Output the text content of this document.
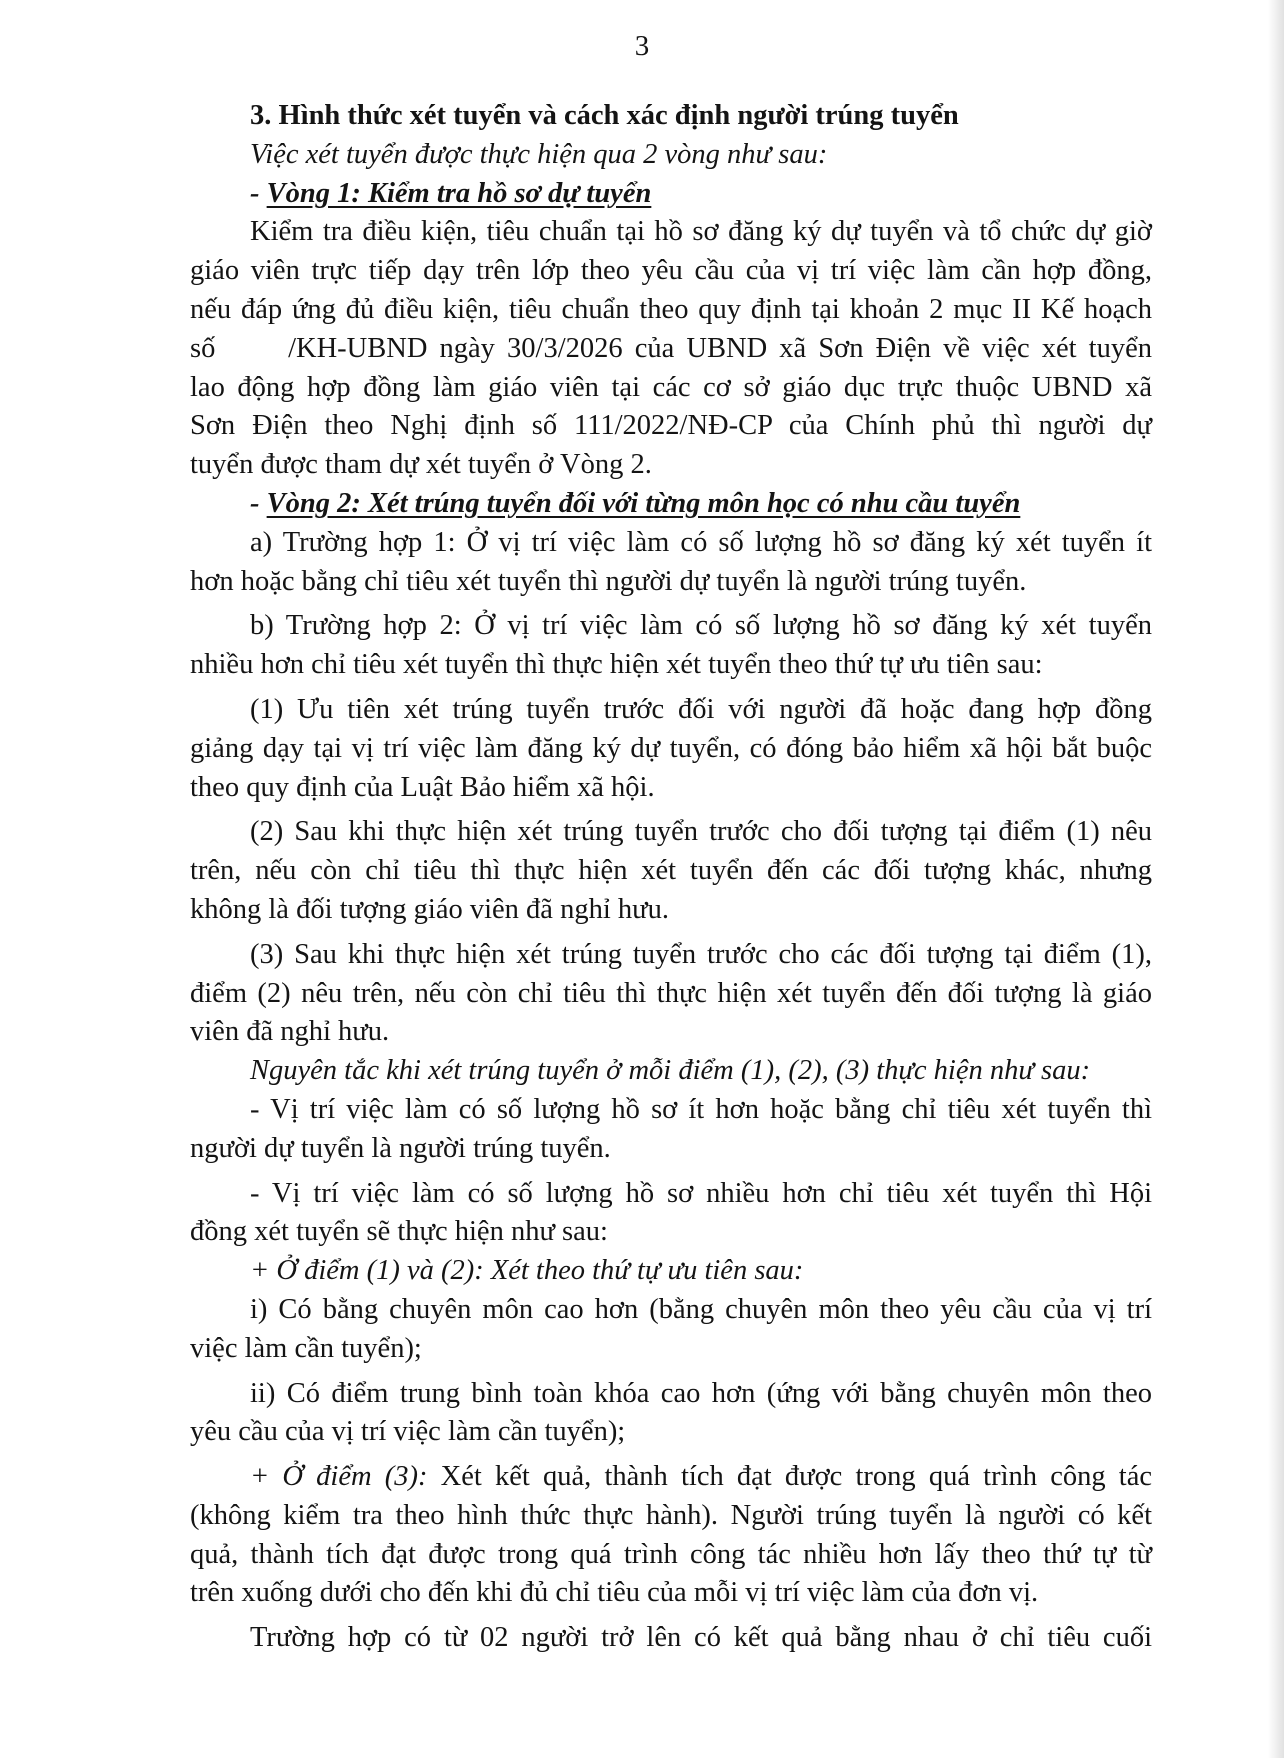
3
3. Hình thức xét tuyển và cách xác định người trúng tuyển
Việc xét tuyển được thực hiện qua 2 vòng như sau:
- Vòng 1: Kiểm tra hồ sơ dự tuyển
Kiểm tra điều kiện, tiêu chuẩn tại hồ sơ đăng ký dự tuyển và tổ chức dự giờ
giáo viên trực tiếp dạy trên lớp theo yêu cầu của vị trí việc làm cần hợp đồng,
nếu đáp ứng đủ điều kiện, tiêu chuẩn theo quy định tại khoản 2 mục II Kế hoạch
số      /KH-UBND ngày 30/3/2026 của UBND xã Sơn Điện về việc xét tuyển
lao động hợp đồng làm giáo viên tại các cơ sở giáo dục trực thuộc UBND xã
Sơn Điện theo Nghị định số 111/2022/NĐ-CP của Chính phủ thì người dự
tuyển được tham dự xét tuyển ở Vòng 2.
- Vòng 2: Xét trúng tuyển đối với từng môn học có nhu cầu tuyển
a) Trường hợp 1: Ở vị trí việc làm có số lượng hồ sơ đăng ký xét tuyển ít
hơn hoặc bằng chỉ tiêu xét tuyển thì người dự tuyển là người trúng tuyển.
b) Trường hợp 2: Ở vị trí việc làm có số lượng hồ sơ đăng ký xét tuyển
nhiều hơn chỉ tiêu xét tuyển thì thực hiện xét tuyển theo thứ tự ưu tiên sau:
(1) Ưu tiên xét trúng tuyển trước đối với người đã hoặc đang hợp đồng
giảng dạy tại vị trí việc làm đăng ký dự tuyển, có đóng bảo hiểm xã hội bắt buộc
theo quy định của Luật Bảo hiểm xã hội.
(2) Sau khi thực hiện xét trúng tuyển trước cho đối tượng tại điểm (1) nêu
trên, nếu còn chỉ tiêu thì thực hiện xét tuyển đến các đối tượng khác, nhưng
không là đối tượng giáo viên đã nghỉ hưu.
(3) Sau khi thực hiện xét trúng tuyển trước cho các đối tượng tại điểm (1),
điểm (2) nêu trên, nếu còn chỉ tiêu thì thực hiện xét tuyển đến đối tượng là giáo
viên đã nghỉ hưu.
Nguyên tắc khi xét trúng tuyển ở mỗi điểm (1), (2), (3) thực hiện như sau:
- Vị trí việc làm có số lượng hồ sơ ít hơn hoặc bằng chỉ tiêu xét tuyển thì
người dự tuyển là người trúng tuyển.
- Vị trí việc làm có số lượng hồ sơ nhiều hơn chỉ tiêu xét tuyển thì Hội
đồng xét tuyển sẽ thực hiện như sau:
+ Ở điểm (1) và (2): Xét theo thứ tự ưu tiên sau:
i) Có bằng chuyên môn cao hơn (bằng chuyên môn theo yêu cầu của vị trí
việc làm cần tuyển);
ii) Có điểm trung bình toàn khóa cao hơn (ứng với bằng chuyên môn theo
yêu cầu của vị trí việc làm cần tuyển);
+ Ở điểm (3): Xét kết quả, thành tích đạt được trong quá trình công tác
(không kiểm tra theo hình thức thực hành). Người trúng tuyển là người có kết
quả, thành tích đạt được trong quá trình công tác nhiều hơn lấy theo thứ tự từ
trên xuống dưới cho đến khi đủ chỉ tiêu của mỗi vị trí việc làm của đơn vị.
Trường hợp có từ 02 người trở lên có kết quả bằng nhau ở chỉ tiêu cuối
